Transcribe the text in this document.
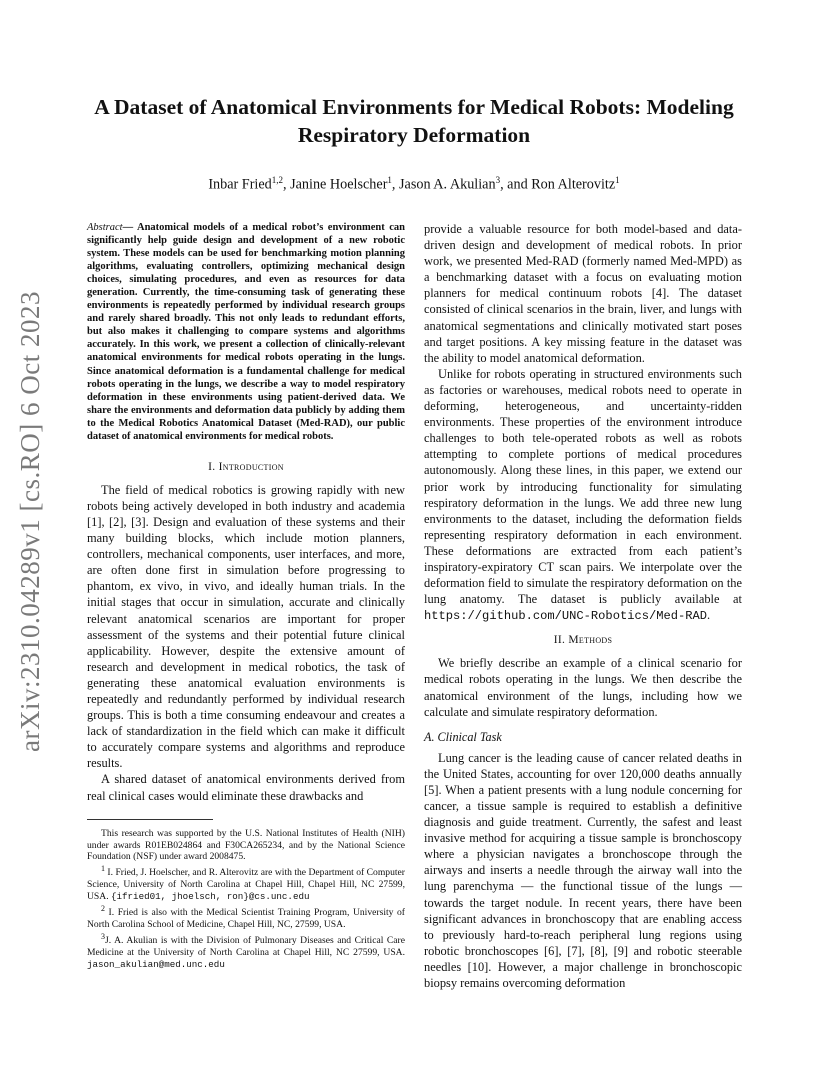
arXiv:2310.04289v1 [cs.RO] 6 Oct 2023
A Dataset of Anatomical Environments for Medical Robots: Modeling Respiratory Deformation
Inbar Fried$^{1,2}$, Janine Hoelscher$^1$, Jason A. Akulian$^3$, and Ron Alterovitz$^1$

Abstract— Anatomical models of a medical robot’s environment can significantly help guide design and development of a new robotic system. These models can be used for benchmarking motion planning algorithms, evaluating controllers, optimizing mechanical design choices, simulating procedures, and even as resources for data generation. Currently, the time-consuming task of generating these environments is repeatedly performed by individual research groups and rarely shared broadly. This not only leads to redundant efforts, but also makes it challenging to compare systems and algorithms accurately. In this work, we present a collection of clinically-relevant anatomical environments for medical robots operating in the lungs. Since anatomical deformation is a fundamental challenge for medical robots operating in the lungs, we describe a way to model respiratory deformation in these environments using patient-derived data. We share the environments and deformation data publicly by adding them to the Medical Robotics Anatomical Dataset (Med-RAD), our public dataset of anatomical environments for medical robots.

I. Introduction

The field of medical robotics is growing rapidly with new robots being actively developed in both industry and academia [1], [2], [3]. Design and evaluation of these systems and their many building blocks, which include motion planners, controllers, mechanical components, user interfaces, and more, are often done first in simulation before progressing to phantom, ex vivo, in vivo, and ideally human trials. In the initial stages that occur in simulation, accurate and clinically relevant anatomical scenarios are important for proper assessment of the systems and their potential future clinical applicability. However, despite the extensive amount of research and development in medical robotics, the task of generating these anatomical evaluation environments is repeatedly and redundantly performed by individual research groups. This is both a time consuming endeavour and creates a lack of standardization in the field which can make it difficult to accurately compare systems and algorithms and reproduce results.

A shared dataset of anatomical environments derived from real clinical cases would eliminate these drawbacks and

This research was supported by the U.S. National Institutes of Health (NIH) under awards R01EB024864 and F30CA265234, and by the National Science Foundation (NSF) under award 2008475.

$^1$ I. Fried, J. Hoelscher, and R. Alterovitz are with the Department of Computer Science, University of North Carolina at Chapel Hill, Chapel Hill, NC 27599, USA. {ifried01, jhoelsch, ron}@cs.unc.edu

$^2$ I. Fried is also with the Medical Scientist Training Program, University of North Carolina School of Medicine, Chapel Hill, NC, 27599, USA.

$^3$J. A. Akulian is with the Division of Pulmonary Diseases and Critical Care Medicine at the University of North Carolina at Chapel Hill, NC 27599, USA. jason_akulian@med.unc.edu

provide a valuable resource for both model-based and data-driven design and development of medical robots. In prior work, we presented Med-RAD (formerly named Med-MPD) as a benchmarking dataset with a focus on evaluating motion planners for medical continuum robots [4]. The dataset consisted of clinical scenarios in the brain, liver, and lungs with anatomical segmentations and clinically motivated start poses and target positions. A key missing feature in the dataset was the ability to model anatomical deformation.

Unlike for robots operating in structured environments such as factories or warehouses, medical robots need to operate in deforming, heterogeneous, and uncertainty-ridden environments. These properties of the environment introduce challenges to both tele-operated robots as well as robots attempting to complete portions of medical procedures autonomously. Along these lines, in this paper, we extend our prior work by introducing functionality for simulating respiratory deformation in the lungs. We add three new lung environments to the dataset, including the deformation fields representing respiratory deformation in each environment. These deformations are extracted from each patient’s inspiratory-expiratory CT scan pairs. We interpolate over the deformation field to simulate the respiratory deformation on the lung anatomy. The dataset is publicly available at https://github.com/UNC-Robotics/Med-RAD.

II. Methods

We briefly describe an example of a clinical scenario for medical robots operating in the lungs. We then describe the anatomical environment of the lungs, including how we calculate and simulate respiratory deformation.

A. Clinical Task

Lung cancer is the leading cause of cancer related deaths in the United States, accounting for over 120,000 deaths annually [5]. When a patient presents with a lung nodule concerning for cancer, a tissue sample is required to establish a definitive diagnosis and guide treatment. Currently, the safest and least invasive method for acquiring a tissue sample is bronchoscopy where a physician navigates a bronchoscope through the airways and inserts a needle through the airway wall into the lung parenchyma — the functional tissue of the lungs — towards the target nodule. In recent years, there have been significant advances in bronchoscopy that are enabling access to previously hard-to-reach peripheral lung regions using robotic bronchoscopes [6], [7], [8], [9] and robotic steerable needles [10]. However, a major challenge in bronchoscopic biopsy remains overcoming deformation
